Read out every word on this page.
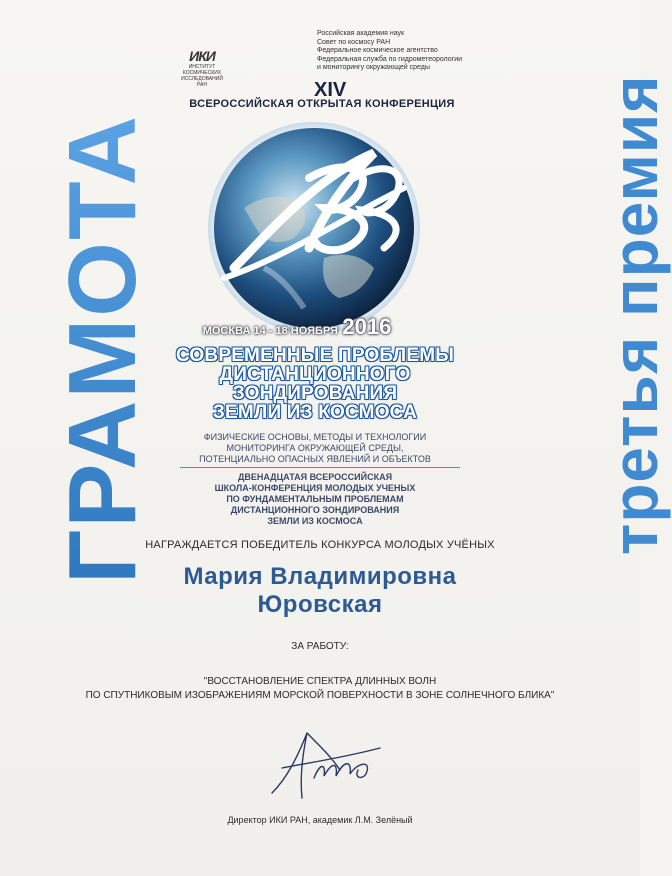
ГРАМОТА	третья премия
ИКИ
ИНСТИТУТ
КОСМИЧЕСКИХ
ИССЛЕДОВАНИЙ
РАН
Российская академия наук
Совет по космосу РАН
Федеральное космическое агентство
Федеральная служба по гидрометеорологии
и мониторингу окружающей среды
XIV
ВСЕРОССИЙСКАЯ ОТКРЫТАЯ КОНФЕРЕНЦИЯ
МОСКВА 14 - 18 НОЯБРЯ 2016
СОВРЕМЕННЫЕ ПРОБЛЕМЫ
ДИСТАНЦИОННОГО
ЗОНДИРОВАНИЯ
ЗЕМЛИ ИЗ КОСМОСА
ФИЗИЧЕСКИЕ ОСНОВЫ, МЕТОДЫ И ТЕХНОЛОГИИ
МОНИТОРИНГА ОКРУЖАЮЩЕЙ СРЕДЫ,
ПОТЕНЦИАЛЬНО ОПАСНЫХ ЯВЛЕНИЙ И ОБЪЕКТОВ
ДВЕНАДЦАТАЯ ВСЕРОССИЙСКАЯ
ШКОЛА-КОНФЕРЕНЦИЯ МОЛОДЫХ УЧЕНЫХ
ПО ФУНДАМЕНТАЛЬНЫМ ПРОБЛЕМАМ
ДИСТАНЦИОННОГО ЗОНДИРОВАНИЯ
ЗЕМЛИ ИЗ КОСМОСА
НАГРАЖДАЕТСЯ ПОБЕДИТЕЛЬ КОНКУРСА МОЛОДЫХ УЧЁНЫХ
Мария Владимировна
Юровская
ЗА РАБОТУ:
"ВОССТАНОВЛЕНИЕ СПЕКТРА ДЛИННЫХ ВОЛН
ПО СПУТНИКОВЫМ ИЗОБРАЖЕНИЯМ МОРСКОЙ ПОВЕРХНОСТИ В ЗОНЕ СОЛНЕЧНОГО БЛИКА"
Директор ИКИ РАН, академик Л.М. Зелёный
